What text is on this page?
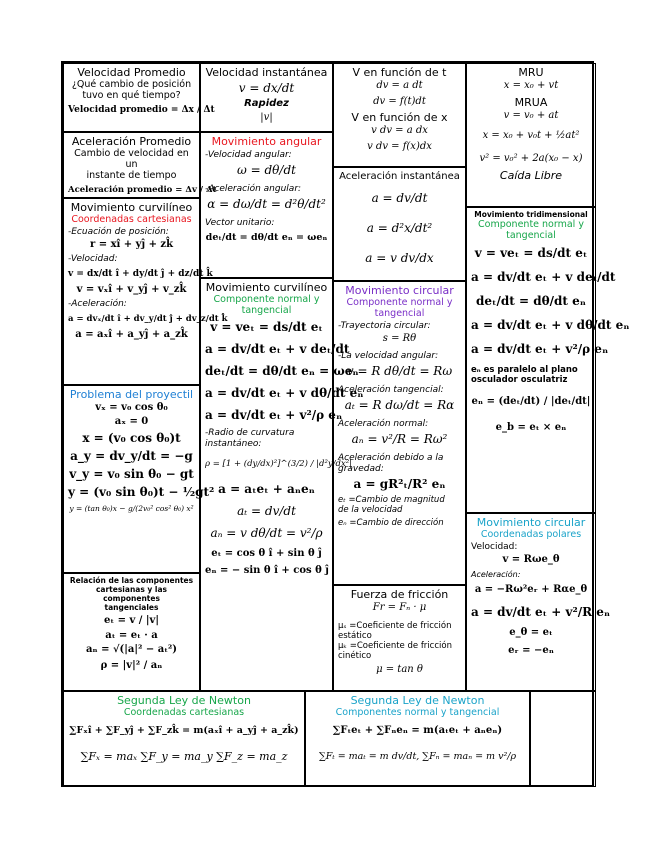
Velocidad Promedio
¿Qué cambio de posición
tuvo en qué tiempo?
Velocidad promedio = Δx / Δt
Aceleración Promedio
Cambio de velocidad en un
instante de tiempo
Aceleración promedio = Δv / Δt
Movimiento curvilíneo
Coordenadas cartesianas
-Ecuación de posición:
r = xî + yĵ + zk̂
-Velocidad:
v = dx/dt î + dy/dt ĵ + dz/dt k̂
v = vₓî + v_yĵ + v_zk̂
-Aceleración:
a = dvₓ/dt î + dv_y/dt ĵ + dv_z/dt k̂
a = aₓî + a_yĵ + a_zk̂
Problema del proyectil
vₓ = v₀ cos θ₀
aₓ = 0
x = (v₀ cos θ₀)t
a_y = dv_y/dt = −g
v_y = v₀ sin θ₀ − gt
y = (v₀ sin θ₀)t − ½gt²
y = (tan θ₀)x − g/(2v₀² cos² θ₀) x²
Relación de las componentes
cartesianas y las componentes
tangenciales
eₜ = v / |v|
aₜ = eₜ · a
aₙ = √(|a|² − aₜ²)
ρ = |v|² / aₙ
Velocidad instantánea
v = dx/dt
Rapidez
|v|
Movimiento angular
-Velocidad angular:
ω = dθ/dt
-Aceleración angular:
α = dω/dt = d²θ/dt²
Vector unitario:
deₜ/dt = dθ/dt eₙ = ωeₙ
Movimiento curvilíneo
Componente normal y
tangencial
v = veₜ = ds/dt eₜ
a = dv/dt eₜ + v deₜ/dt
deₜ/dt = dθ/dt eₙ = ωeₙ
a = dv/dt eₜ + v dθ/dt eₙ
a = dv/dt eₜ + v²/ρ eₙ
-Radio de curvatura
instantáneo:
ρ = [1 + (dy/dx)²]^(3/2) / |d²y/dx²|
a = aₜeₜ + aₙeₙ
aₜ = dv/dt
aₙ = v dθ/dt = v²/ρ
eₜ = cos θ î + sin θ ĵ
eₙ = − sin θ î + cos θ ĵ
V en función de t
dv = a dt
dv = f(t)dt
V en función de x
v dv = a dx
v dv = f(x)dx
Aceleración instantánea
a = dv/dt
a = d²x/dt²
a = v dv/dx
Movimiento circular
Componente normal y
tangencial
-Trayectoria circular:
s = Rθ
-La velocidad angular:
v = R dθ/dt = Rω
Aceleración tangencial:
aₜ = R dω/dt = Rα
Aceleración normal:
aₙ = v²/R = Rω²
Aceleración debido a la
gravedad:
a = gR²ₜ/R² eₙ
eₜ =Cambio de magnitud
de la velocidad
eₙ =Cambio de dirección
Fuerza de fricción
Fr = Fₙ · μ
μₛ =Coeficiente de fricción
estático
μₖ =Coeficiente de fricción
cinético
μ = tan θ
MRU
x = x₀ + vt
MRUA
v = v₀ + at
x = x₀ + v₀t + ½at²
v² = v₀² + 2a(x₀ − x)
Caída Libre
Movimiento tridimensional
Componente normal y
tangencial
v = veₜ = ds/dt eₜ
a = dv/dt eₜ + v deₜ/dt
deₜ/dt = dθ/dt eₙ
a = dv/dt eₜ + v dθ/dt eₙ
a = dv/dt eₜ + v²/ρ eₙ
eₙ es paralelo al plano
osculador osculatriz
eₙ = (deₜ/dt) / |deₜ/dt|
e_b = eₜ × eₙ
Movimiento circular
Coordenadas polares
Velocidad:
v = Rωe_θ
Aceleración:
a = −Rω²eᵣ + Rαe_θ
a = dv/dt eₜ + v²/R eₙ
e_θ = eₜ
eᵣ = −eₙ
Segunda Ley de Newton
Coordenadas cartesianas
∑Fₓî + ∑F_yĵ + ∑F_zk̂ = m(aₓî + a_yĵ + a_zk̂)
∑Fₓ = maₓ ∑F_y = ma_y ∑F_z = ma_z
Segunda Ley de Newton
Componentes normal y tangencial
∑Fₜeₜ + ∑Fₙeₙ = m(aₜeₜ + aₙeₙ)
∑Fₜ = maₜ = m dv/dt, ∑Fₙ = maₙ = m v²/ρ
